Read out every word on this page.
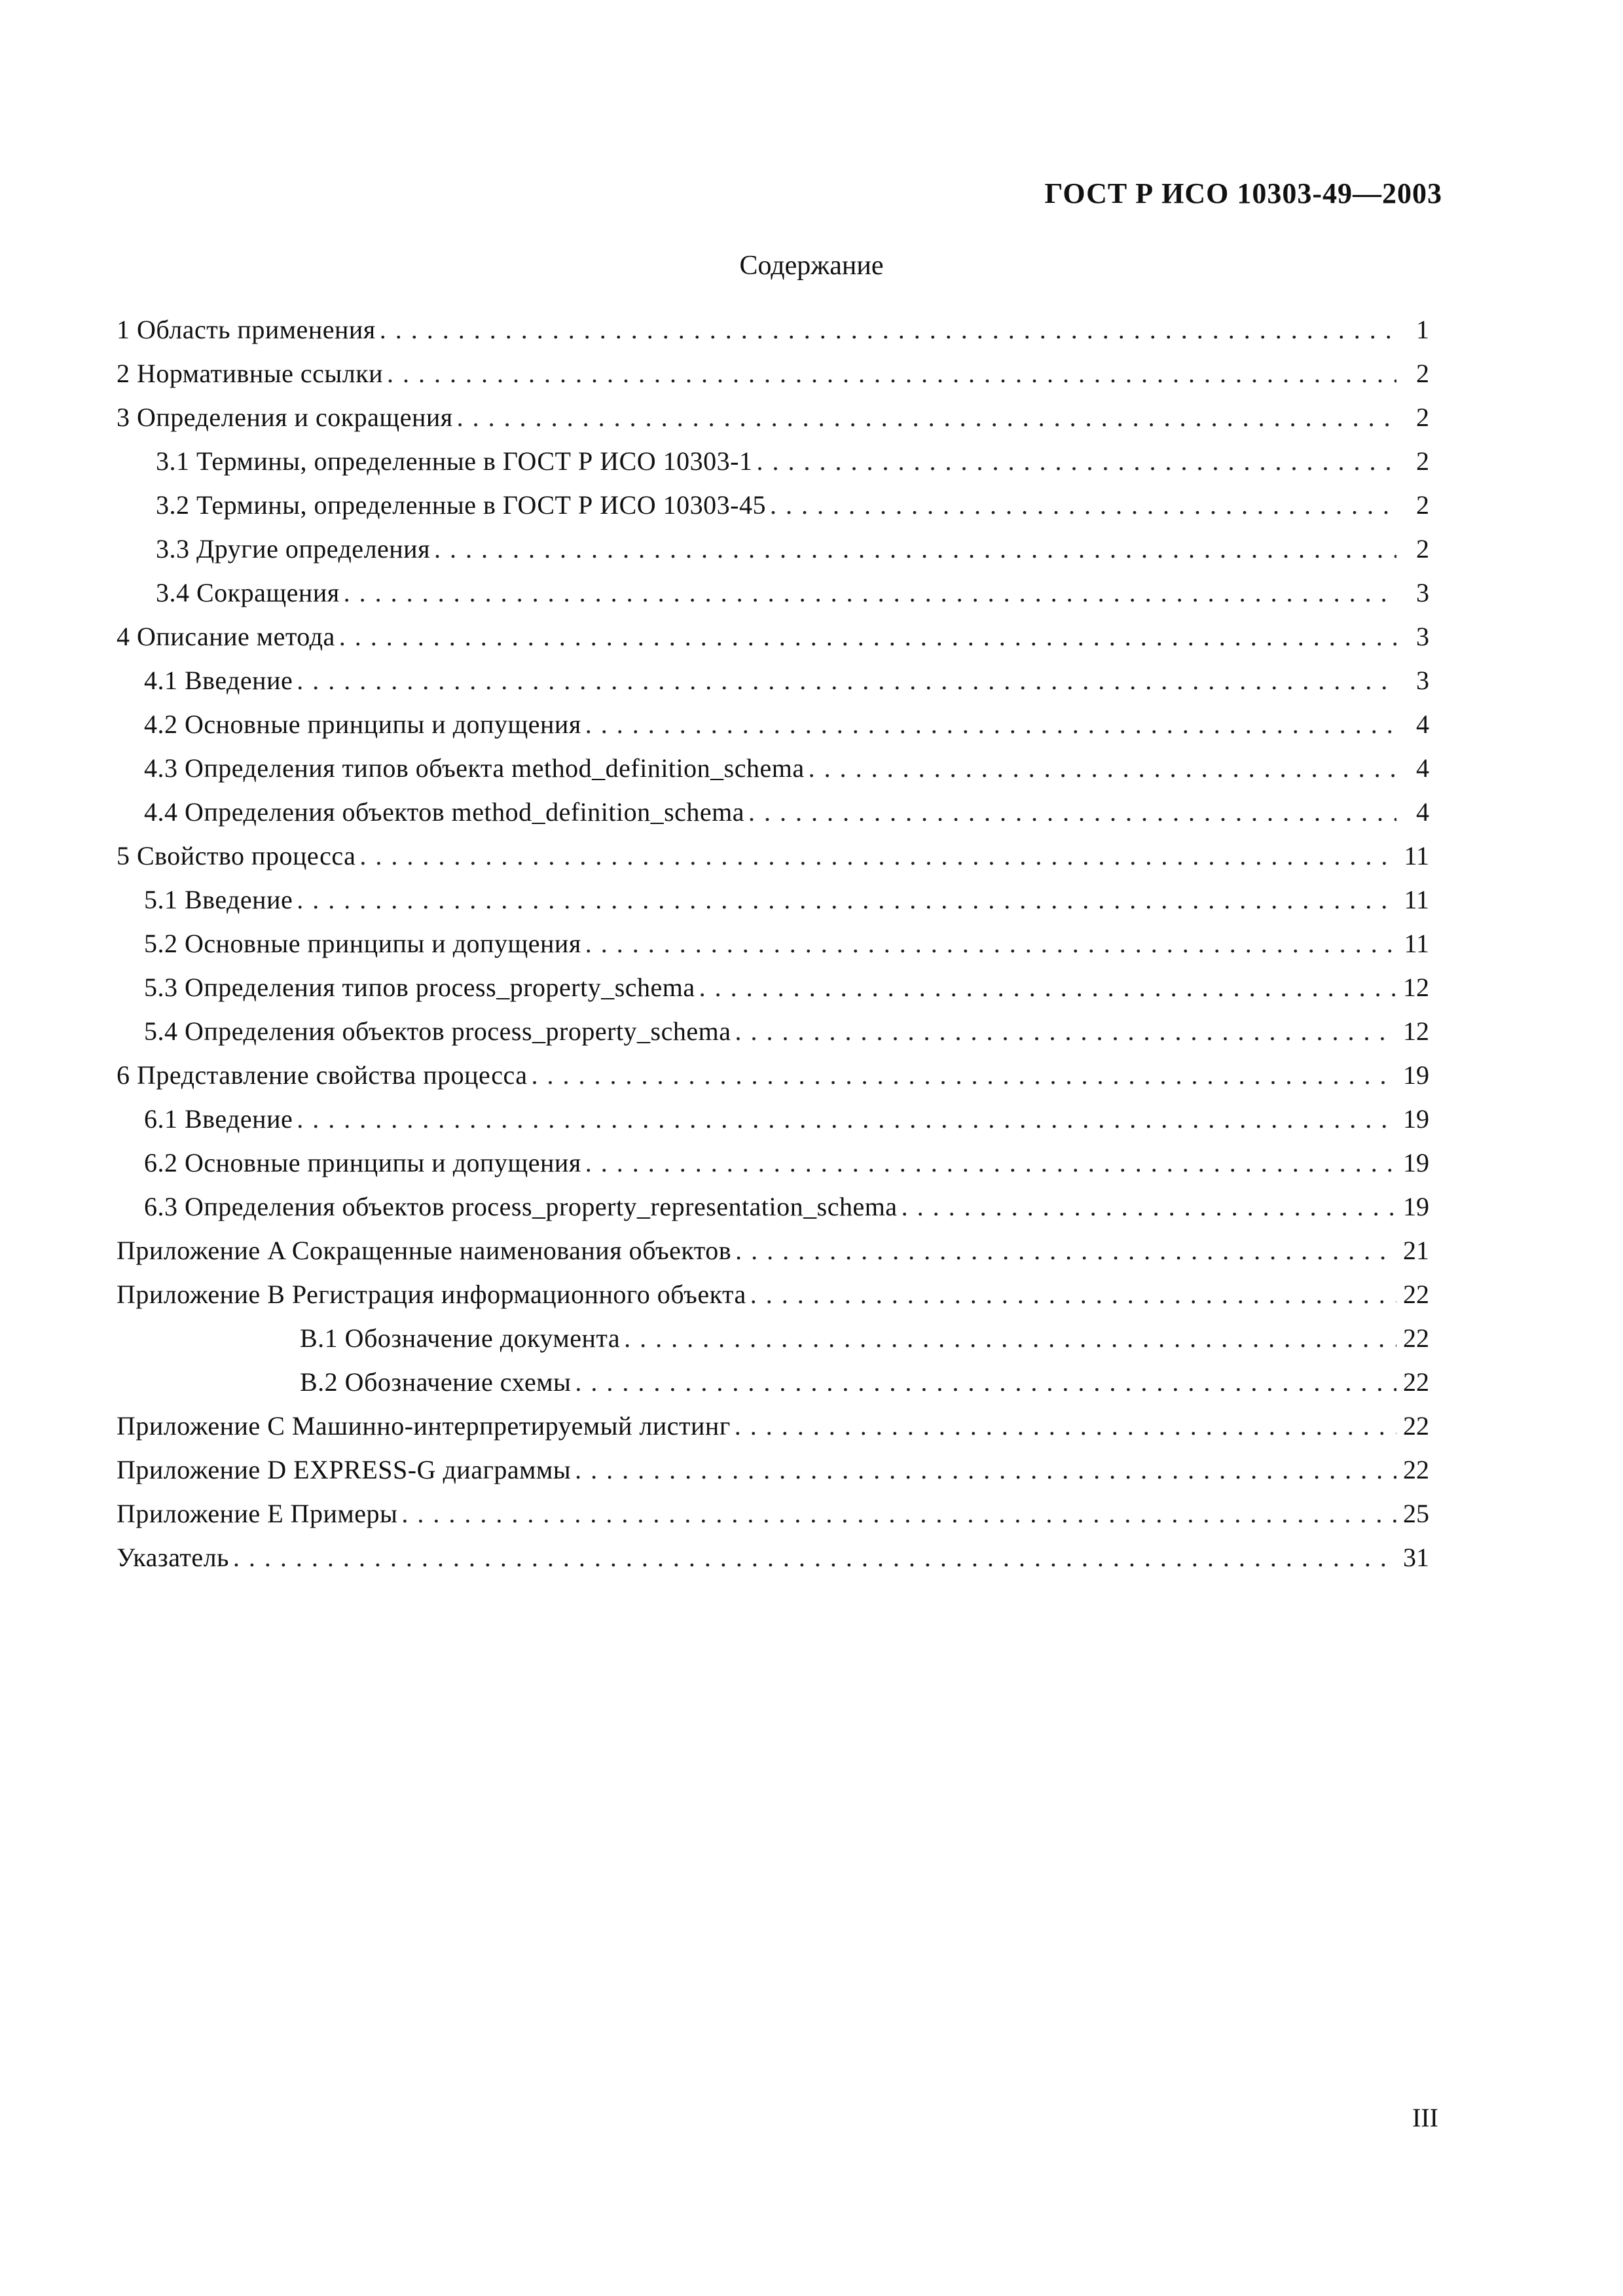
ГОСТ Р ИСО 10303-49—2003
Содержание
1 Область применения . . .	1
2 Нормативные ссылки . . .	2
3 Определения и сокращения . . .	2
3.1 Термины, определенные в ГОСТ Р ИСО 10303-1 . . .	2
3.2 Термины, определенные в ГОСТ Р ИСО 10303-45 . . .	2
3.3 Другие определения . . .	2
3.4 Сокращения . . .	3
4 Описание метода . . .	3
4.1 Введение . . .	3
4.2 Основные принципы и допущения . . .	4
4.3 Определения типов объекта method_definition_schema . . .	4
4.4 Определения объектов method_definition_schema . . .	4
5 Свойство процесса . . .	11
5.1 Введение . . .	11
5.2 Основные принципы и допущения . . .	11
5.3 Определения типов process_property_schema . . .	12
5.4 Определения объектов process_property_schema . . .	12
6 Представление свойства процесса . . .	19
6.1 Введение . . .	19
6.2 Основные принципы и допущения . . .	19
6.3 Определения объектов process_property_representation_schema . . .	19
Приложение A Сокращенные наименования объектов . . .	21
Приложение B Регистрация информационного объекта . . .	22
B.1 Обозначение документа . . .	22
B.2 Обозначение схемы . . .	22
Приложение C Машинно-интерпретируемый листинг . . .	22
Приложение D EXPRESS-G диаграммы . . .	22
Приложение E Примеры . . .	25
Указатель . . .	31
III
